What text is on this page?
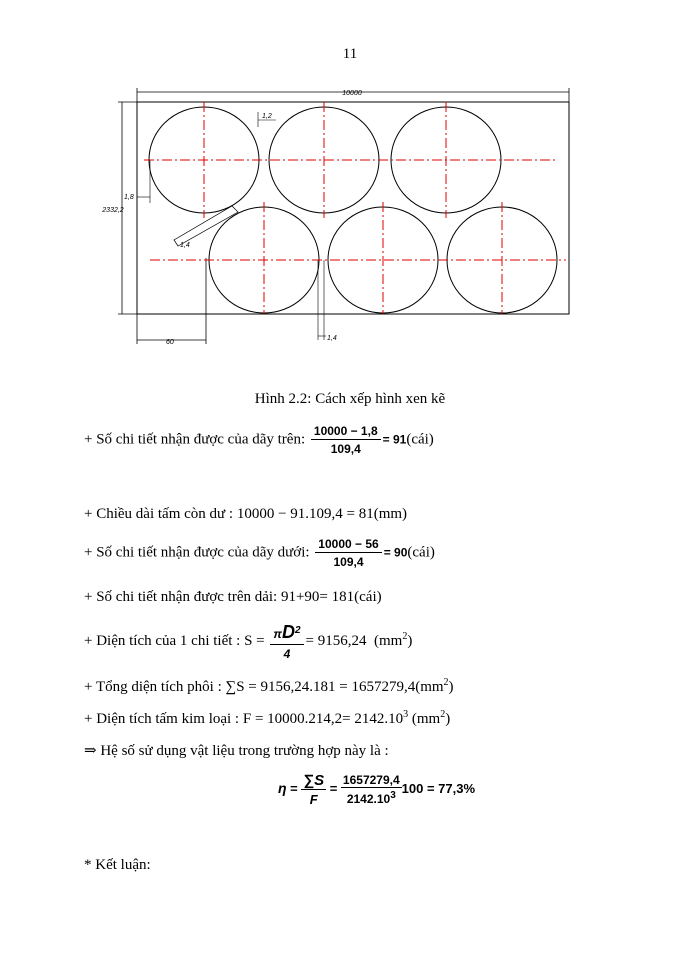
11
10000
2332,2
1,2
1,8
1,4
60
1,4
Hình 2.2: Cách xếp hình xen kẽ
+ Số chi tiết nhận được của dãy trên: $\frac{10000 - 1,8}{109,4}$ = 91(cái)
+ Chiều dài tấm còn dư : 10000 − 91.109,4 = 81(mm)
+ Số chi tiết nhận được của dãy dưới: $\frac{10000 - 56}{109,4}$ = 90(cái)
+ Số chi tiết nhận được trên dải: 91+90= 181(cái)
+ Diện tích của 1 chi tiết : $S = \frac{\pi D^2}{4} = 9156,24$ $(mm^2)$
+ Tổng diện tích phôi : $\sum S = 9156,24.181 = 1657279,4(mm^2)$
+ Diện tích tấm kim loại : $F = 10000.214,2= 2142.10^3$ $(mm^2)$
⇒ Hệ số sử dụng vật liệu trong trường hợp này là :
$\eta = \frac{\sum S}{F} = \frac{1657279,4}{2142.10^3} 100 = 77,3\%$
* Kết luận:
